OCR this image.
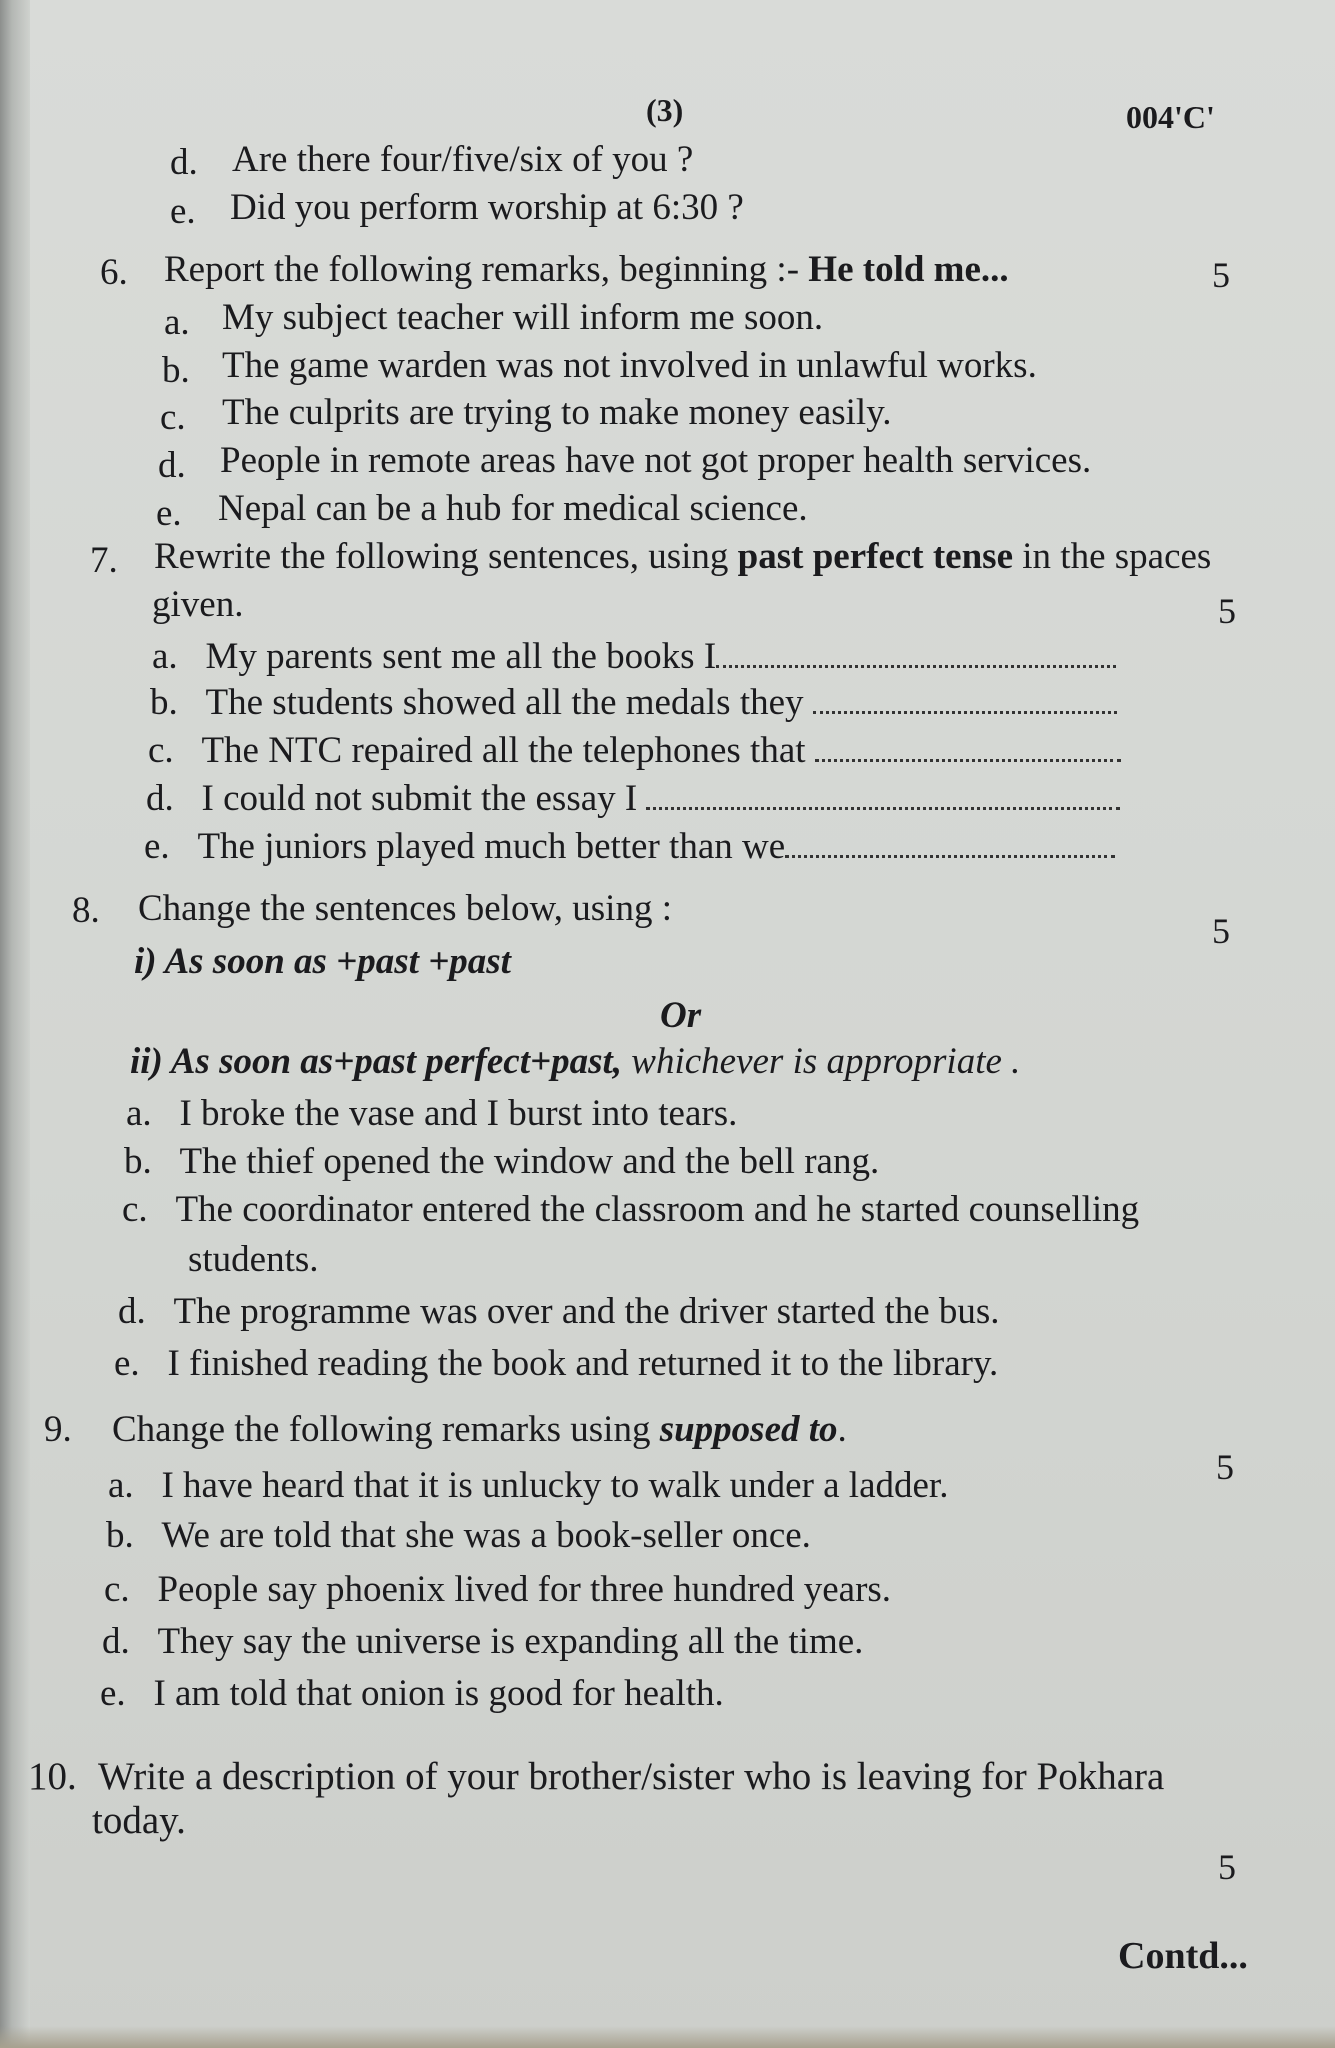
(3)	004'C'
d. Are there four/five/six of you ?
e. Did you perform worship at 6:30 ?
6. Report the following remarks, beginning :- He told me...	5
a. My subject teacher will inform me soon.
b. The game warden was not involved in unlawful works.
c. The culprits are trying to make money easily.
d. People in remote areas have not got proper health services.
e. Nepal can be a hub for medical science.
7. Rewrite the following sentences, using past perfect tense in the spaces
given.	5
a. My parents sent me all the books I
b. The students showed all the medals they
c. The NTC repaired all the telephones that
d. I could not submit the essay I
e. The juniors played much better than we
8. Change the sentences below, using :
5
i) As soon as +past +past
Or
ii) As soon as+past perfect+past, whichever is appropriate .
a. I broke the vase and I burst into tears.
b. The thief opened the window and the bell rang.
c. The coordinator entered the classroom and he started counselling
students.
d. The programme was over and the driver started the bus.
e. I finished reading the book and returned it to the library.
9. Change the following remarks using supposed to.
5
a. I have heard that it is unlucky to walk under a ladder.
b. We are told that she was a book-seller once.
c. People say phoenix lived for three hundred years.
d. They say the universe is expanding all the time.
e. I am told that onion is good for health.
10. Write a description of your brother/sister who is leaving for Pokhara
today.
5
Contd...
